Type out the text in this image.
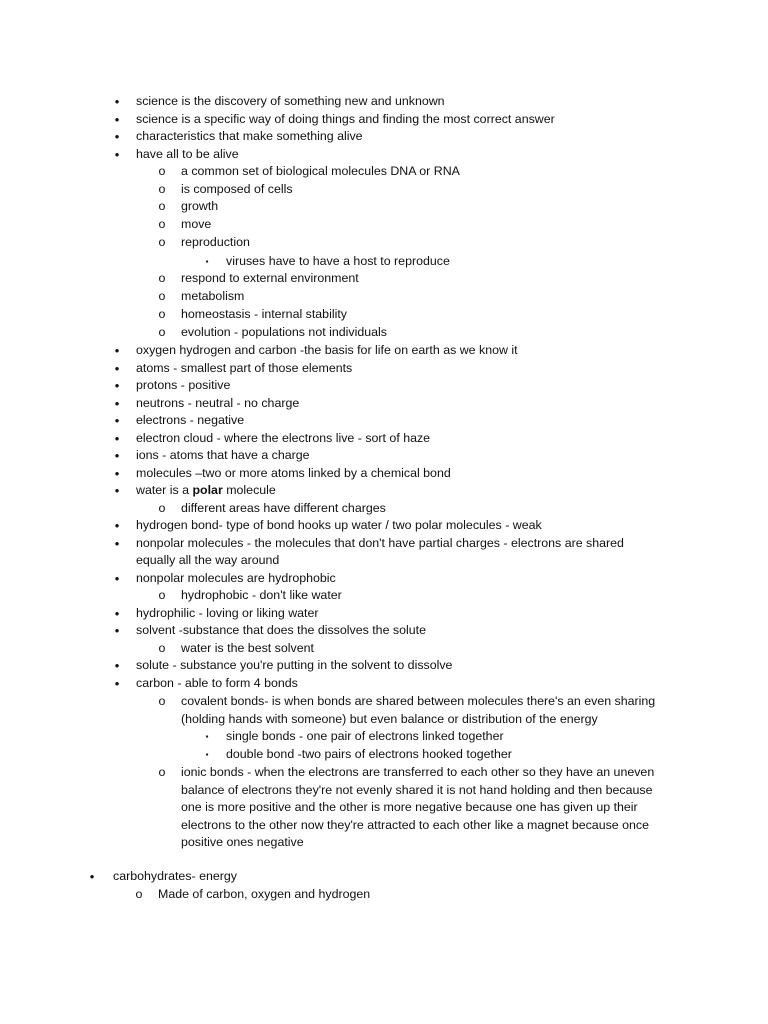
•	science is the discovery of something new and unknown
•	science is a specific way of doing things and finding the most correct answer
•	characteristics that make something alive
•	have all to be alive
o a common set of biological molecules DNA or RNA
o is composed of cells
o growth
o move
o reproduction
▪	viruses have to have a host to reproduce
o respond to external environment
o metabolism
o homeostasis - internal stability
o evolution - populations not individuals
•	oxygen hydrogen and carbon -the basis for life on earth as we know it
•	atoms - smallest part of those elements
•	protons - positive
•	neutrons - neutral - no charge
•	electrons - negative
•	electron cloud - where the electrons live - sort of haze
•	ions - atoms that have a charge
•	molecules –two or more atoms linked by a chemical bond
•	water is a polar molecule
o different areas have different charges
•	hydrogen bond- type of bond hooks up water / two polar molecules - weak
•	nonpolar molecules - the molecules that don't have partial charges - electrons are shared
equally all the way around
•	nonpolar molecules are hydrophobic
o hydrophobic - don't like water
•	hydrophilic - loving or liking water
•	solvent -substance that does the dissolves the solute
o water is the best solvent
•	solute - substance you're putting in the solvent to dissolve
•	carbon - able to form 4 bonds
o covalent bonds- is when bonds are shared between molecules there's an even sharing
(holding hands with someone) but even balance or distribution of the energy
▪	single bonds - one pair of electrons linked together
▪	double bond -two pairs of electrons hooked together
o ionic bonds - when the electrons are transferred to each other so they have an uneven
balance of electrons they're not evenly shared it is not hand holding and then because
one is more positive and the other is more negative because one has given up their
electrons to the other now they're attracted to each other like a magnet because once
positive ones negative
•	carbohydrates- energy
o Made of carbon, oxygen and hydrogen
